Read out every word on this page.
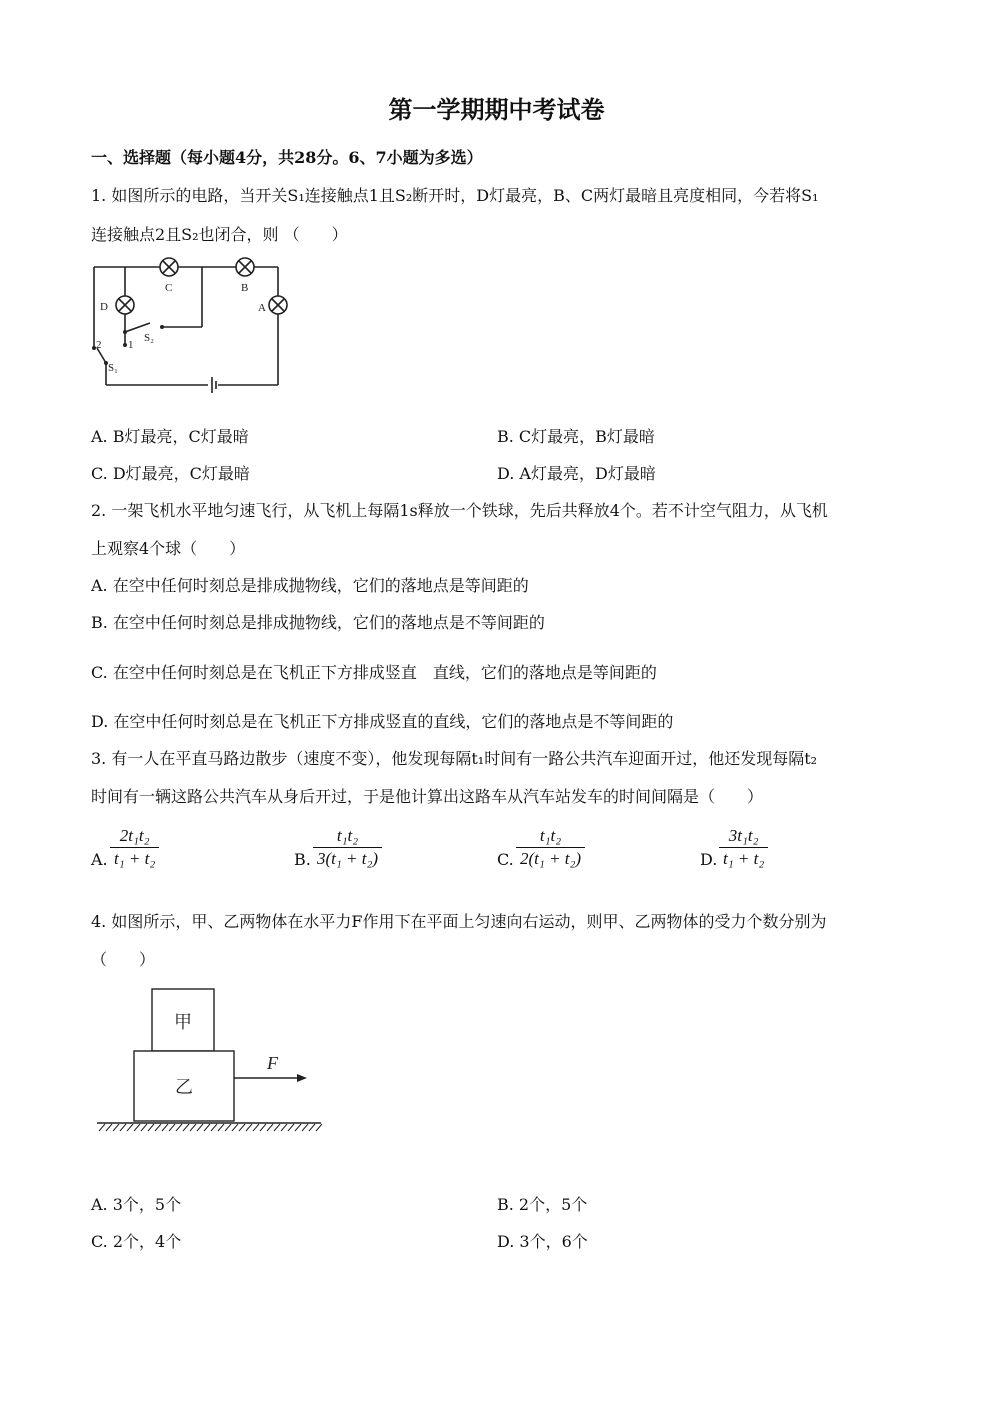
第一学期期中考试卷
一、选择题（每小题4分，共28分。6、7小题为多选）
1. 如图所示的电路，当开关S₁连接触点1且S₂断开时，D灯最亮，B、C两灯最暗且亮度相同，今若将S₁
连接触点2且S₂也闭合，则 （　　）
C	B
A
D
S₂
S₁
2 1
A. B灯最亮，C灯最暗	B. C灯最亮，B灯最暗
C. D灯最亮，C灯最暗	D. A灯最亮，D灯最暗
2. 一架飞机水平地匀速飞行，从飞机上每隔1s释放一个铁球，先后共释放4个。若不计空气阻力，从飞机
上观察4个球（　　）
A. 在空中任何时刻总是排成抛物线，它们的落地点是等间距的
B. 在空中任何时刻总是排成抛物线，它们的落地点是不等间距的
C. 在空中任何时刻总是在飞机正下方排成竖直　直线，它们的落地点是等间距的
D. 在空中任何时刻总是在飞机正下方排成竖直的直线，它们的落地点是不等间距的
3. 有一人在平直马路边散步（速度不变），他发现每隔t₁时间有一路公共汽车迎面开过，他还发现每隔t₂
时间有一辆这路公共汽车从身后开过，于是他计算出这路车从汽车站发车的时间间隔是（　　）
A. $\frac{\text{2t₁t₂}}{\text{t₁ + t₂}}$	B. $\frac{\text{t₁t₂}}{\text{3(t₁ + t₂)}}$	C. $\frac{\text{t₁t₂}}{\text{2(t₁ + t₂)}}$	D. $\frac{\text{3t₁t₂}}{\text{t₁ + t₂}}$
4. 如图所示，甲、乙两物体在水平力F作用下在平面上匀速向右运动，则甲、乙两物体的受力个数分别为
（　　）
甲
乙
F
A. 3个，5个	B. 2个，5个
C. 2个，4个	D. 3个，6个
